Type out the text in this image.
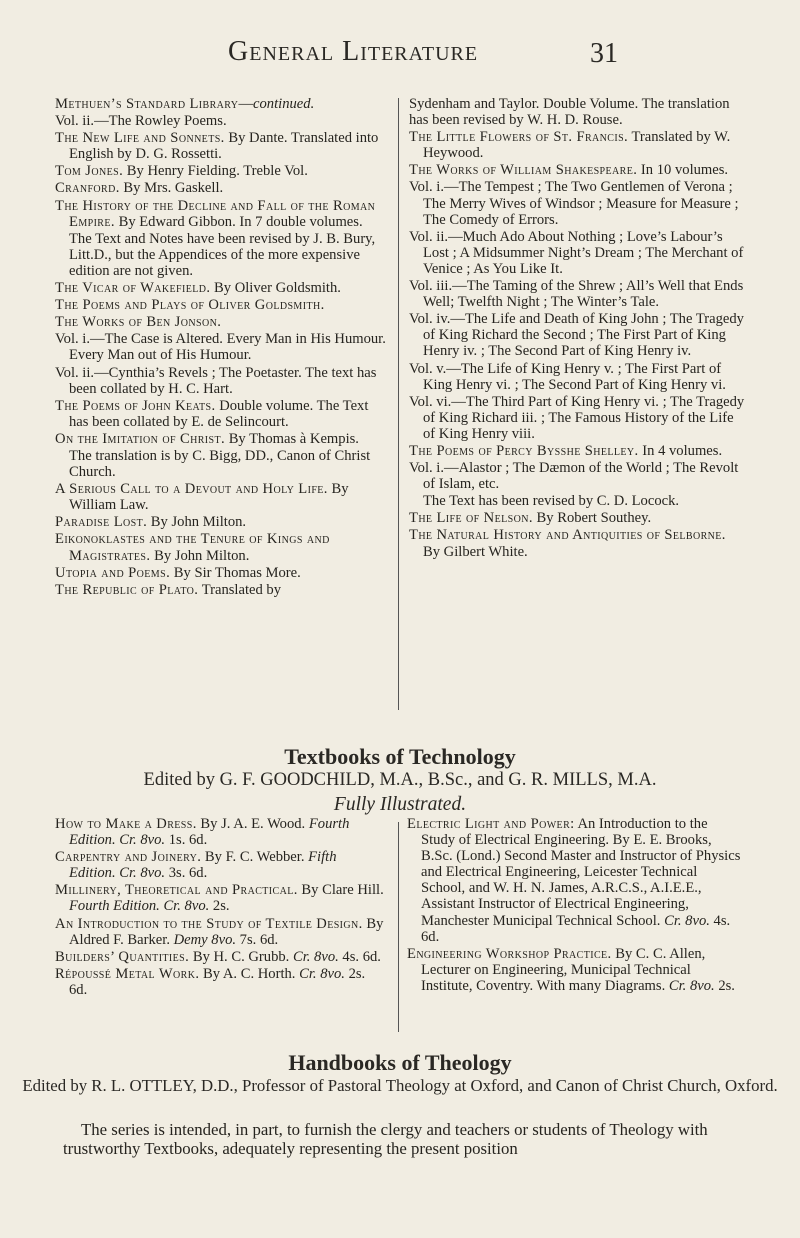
General Literature	31
Methuen’s Standard Library—continued.
Vol. ii.—The Rowley Poems.
The New Life and Sonnets. By Dante. Translated into English by D. G. Rossetti.
Tom Jones. By Henry Fielding. Treble Vol.
Cranford. By Mrs. Gaskell.
The History of the Decline and Fall of the Roman Empire. By Edward Gibbon. In 7 double volumes.
The Text and Notes have been revised by J. B. Bury, Litt.D., but the Appendices of the more expensive edition are not given.
The Vicar of Wakefield. By Oliver Goldsmith.
The Poems and Plays of Oliver Goldsmith.
The Works of Ben Jonson.
Vol. i.—The Case is Altered. Every Man in His Humour. Every Man out of His Humour.
Vol. ii.—Cynthia’s Revels ; The Poetaster. The text has been collated by H. C. Hart.
The Poems of John Keats. Double volume. The Text has been collated by E. de Selincourt.
On the Imitation of Christ. By Thomas à Kempis.
The translation is by C. Bigg, DD., Canon of Christ Church.
A Serious Call to a Devout and Holy Life. By William Law.
Paradise Lost. By John Milton.
Eikonoklastes and the Tenure of Kings and Magistrates. By John Milton.
Utopia and Poems. By Sir Thomas More.
The Republic of Plato. Translated by
Sydenham and Taylor. Double Volume. The translation has been revised by W. H. D. Rouse.
The Little Flowers of St. Francis. Translated by W. Heywood.
The Works of William Shakespeare. In 10 volumes.
Vol. i.—The Tempest ; The Two Gentlemen of Verona ; The Merry Wives of Windsor ; Measure for Measure ; The Comedy of Errors.
Vol. ii.—Much Ado About Nothing ; Love’s Labour’s Lost ; A Midsummer Night’s Dream ; The Merchant of Venice ; As You Like It.
Vol. iii.—The Taming of the Shrew ; All’s Well that Ends Well; Twelfth Night ; The Winter’s Tale.
Vol. iv.—The Life and Death of King John ; The Tragedy of King Richard the Second ; The First Part of King Henry iv. ; The Second Part of King Henry iv.
Vol. v.—The Life of King Henry v. ; The First Part of King Henry vi. ; The Second Part of King Henry vi.
Vol. vi.—The Third Part of King Henry vi. ; The Tragedy of King Richard iii. ; The Famous History of the Life of King Henry viii.
The Poems of Percy Bysshe Shelley. In 4 volumes.
Vol. i.—Alastor ; The Dæmon of the World ; The Revolt of Islam, etc.
The Text has been revised by C. D. Locock.
The Life of Nelson. By Robert Southey.
The Natural History and Antiquities of Selborne. By Gilbert White.
Textbooks of Technology
Edited by G. F. GOODCHILD, M.A., B.Sc., and G. R. MILLS, M.A.
Fully Illustrated.
How to Make a Dress. By J. A. E. Wood. Fourth Edition. Cr. 8vo. 1s. 6d.
Carpentry and Joinery. By F. C. Webber. Fifth Edition. Cr. 8vo. 3s. 6d.
Millinery, Theoretical and Practical. By Clare Hill. Fourth Edition. Cr. 8vo. 2s.
An Introduction to the Study of Textile Design. By Aldred F. Barker. Demy 8vo. 7s. 6d.
Builders’ Quantities. By H. C. Grubb. Cr. 8vo. 4s. 6d.
Répoussé Metal Work. By A. C. Horth. Cr. 8vo. 2s. 6d.
Electric Light and Power: An Introduction to the Study of Electrical Engineering. By E. E. Brooks, B.Sc. (Lond.) Second Master and Instructor of Physics and Electrical Engineering, Leicester Technical School, and W. H. N. James, A.R.C.S., A.I.E.E., Assistant Instructor of Electrical Engineering, Manchester Municipal Technical School. Cr. 8vo. 4s. 6d.
Engineering Workshop Practice. By C. C. Allen, Lecturer on Engineering, Municipal Technical Institute, Coventry. With many Diagrams. Cr. 8vo. 2s.
Handbooks of Theology
Edited by R. L. OTTLEY, D.D., Professor of Pastoral Theology at Oxford, and Canon of Christ Church, Oxford.
The series is intended, in part, to furnish the clergy and teachers or students of Theology with trustworthy Textbooks, adequately representing the present position
